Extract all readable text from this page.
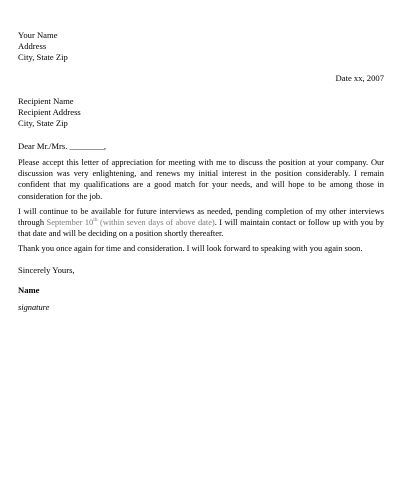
Your Name
Address
City, State Zip
Date xx, 2007
Recipient Name
Recipient Address
City, State Zip
Dear Mr./Mrs. ________,

Please accept this letter of appreciation for meeting with me to discuss the position at your company. Our discussion was very enlightening, and renews my initial interest in the position considerably. I remain confident that my qualifications are a good match for your needs, and will hope to be among those in consideration for the job.

I will continue to be available for future interviews as needed, pending completion of my other interviews through September 10th (within seven days of above date). I will maintain contact or follow up with you by that date and will be deciding on a position shortly thereafter.

Thank you once again for time and consideration. I will look forward to speaking with you again soon.

Sincerely Yours,
Name
signature
